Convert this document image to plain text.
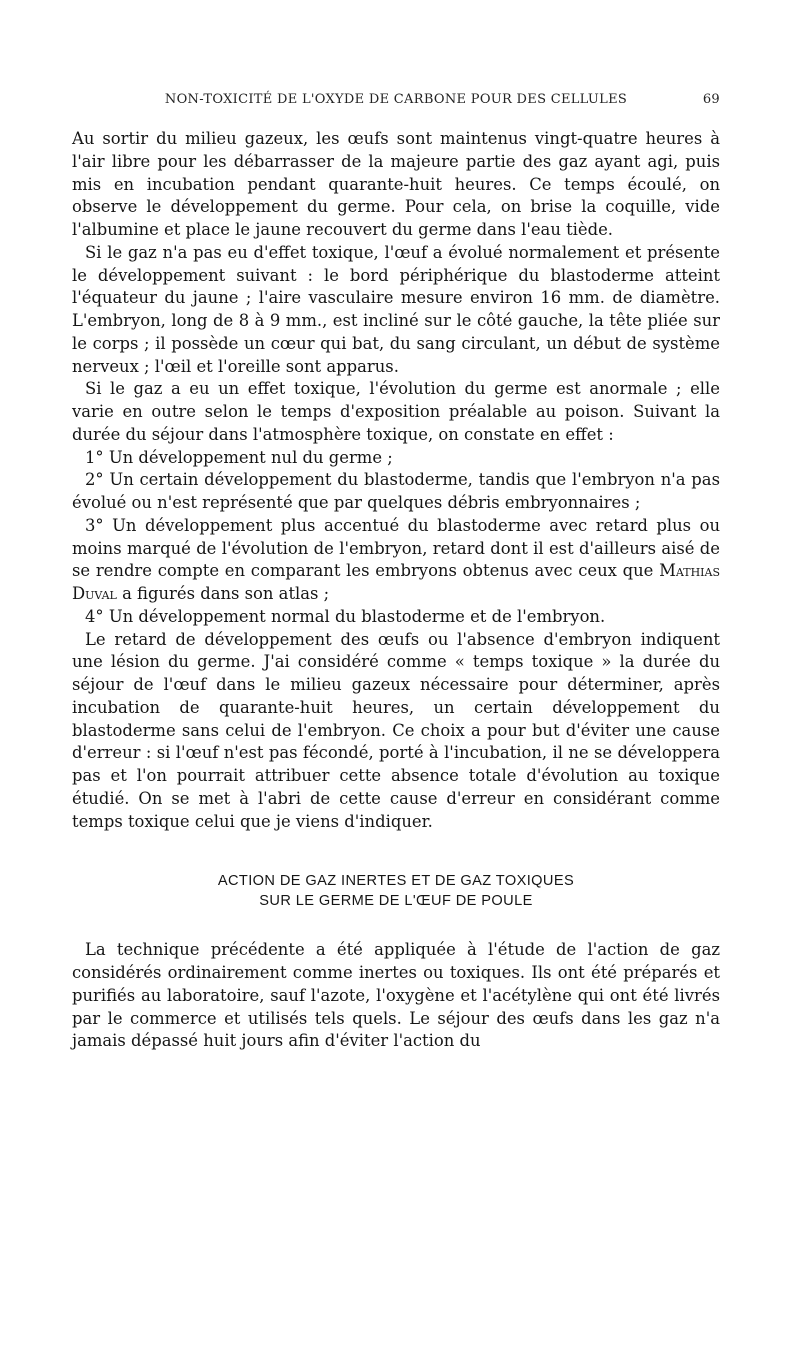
NON-TOXICITÉ DE L'OXYDE DE CARBONE POUR DES CELLULES	69

Au sortir du milieu gazeux, les œufs sont maintenus vingt-quatre heures à l'air libre pour les débarrasser de la majeure partie des gaz ayant agi, puis mis en incubation pendant quarante-huit heures. Ce temps écoulé, on observe le développement du germe. Pour cela, on brise la coquille, vide l'albumine et place le jaune recouvert du germe dans l'eau tiède.

Si le gaz n'a pas eu d'effet toxique, l'œuf a évolué normalement et présente le développement suivant : le bord périphérique du blastoderme atteint l'équateur du jaune ; l'aire vasculaire mesure environ 16 mm. de diamètre. L'embryon, long de 8 à 9 mm., est incliné sur le côté gauche, la tête pliée sur le corps ; il possède un cœur qui bat, du sang circulant, un début de système nerveux ; l'œil et l'oreille sont apparus.

Si le gaz a eu un effet toxique, l'évolution du germe est anormale ; elle varie en outre selon le temps d'exposition préalable au poison. Suivant la durée du séjour dans l'atmosphère toxique, on constate en effet :

1° Un développement nul du germe ;

2° Un certain développement du blastoderme, tandis que l'embryon n'a pas évolué ou n'est représenté que par quelques débris embryonnaires ;

3° Un développement plus accentué du blastoderme avec retard plus ou moins marqué de l'évolution de l'embryon, retard dont il est d'ailleurs aisé de se rendre compte en comparant les embryons obtenus avec ceux que Mathias Duval a figurés dans son atlas ;

4° Un développement normal du blastoderme et de l'embryon.

Le retard de développement des œufs ou l'absence d'embryon indiquent une lésion du germe. J'ai considéré comme « temps toxique » la durée du séjour de l'œuf dans le milieu gazeux nécessaire pour déterminer, après incubation de quarante-huit heures, un certain développement du blastoderme sans celui de l'embryon. Ce choix a pour but d'éviter une cause d'erreur : si l'œuf n'est pas fécondé, porté à l'incubation, il ne se développera pas et l'on pourrait attribuer cette absence totale d'évolution au toxique étudié. On se met à l'abri de cette cause d'erreur en considérant comme temps toxique celui que je viens d'indiquer.

ACTION DE GAZ INERTES ET DE GAZ TOXIQUES
SUR LE GERME DE L'ŒUF DE POULE

La technique précédente a été appliquée à l'étude de l'action de gaz considérés ordinairement comme inertes ou toxiques. Ils ont été préparés et purifiés au laboratoire, sauf l'azote, l'oxygène et l'acétylène qui ont été livrés par le commerce et utilisés tels quels. Le séjour des œufs dans les gaz n'a jamais dépassé huit jours afin d'éviter l'action du
